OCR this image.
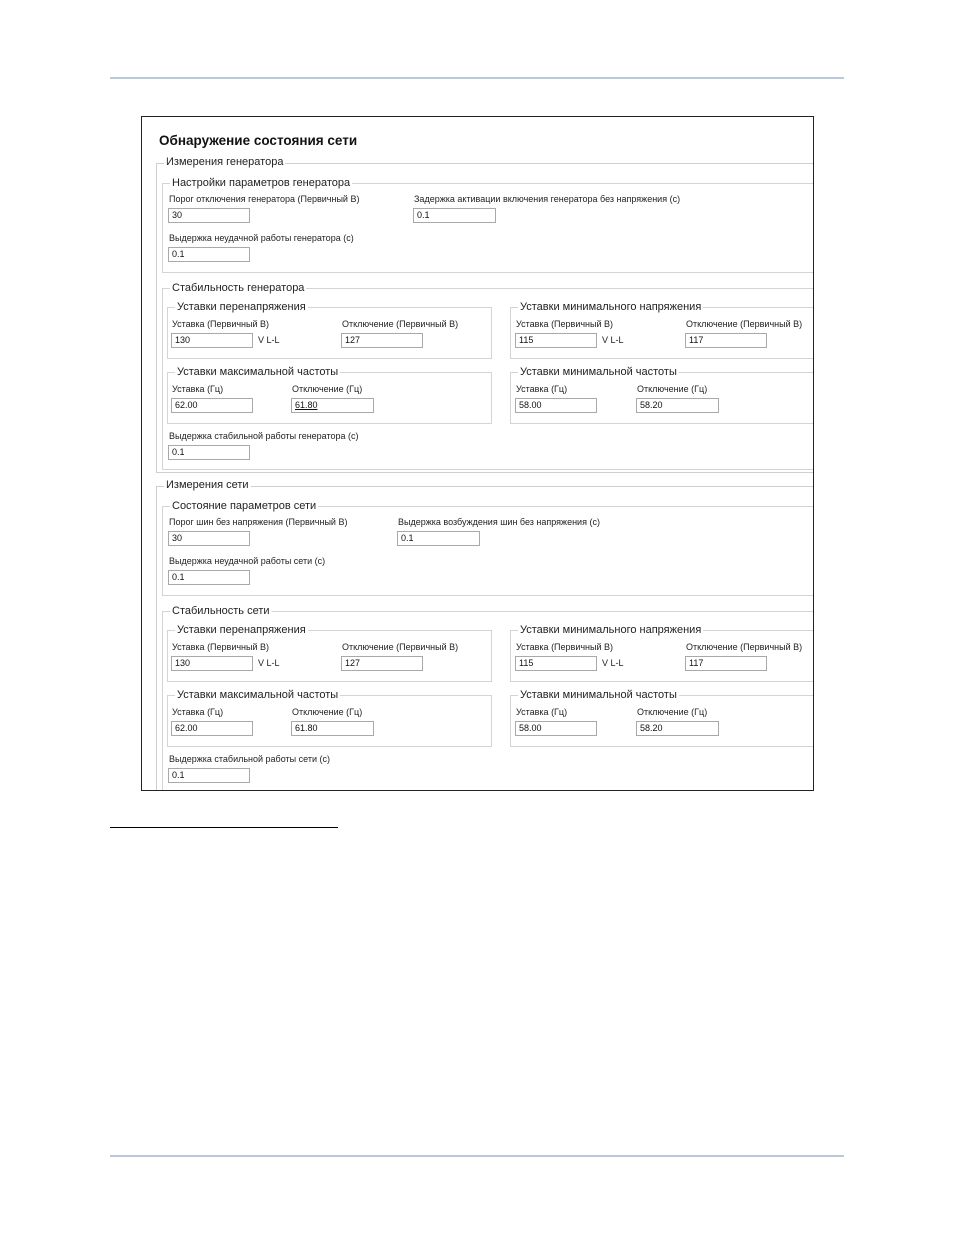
Обнаружение состояния сети
Измерения генератора
Настройки параметров генератора
Порог отключения генератора (Первичный В)
30
Задержка активации включения генератора без напряжения (с)
0.1
Выдержка неудачной работы генератора (с)
0.1
Стабильность генератора
Уставки перенапряжения
Уставка (Первичный В)
130	V L-L
Отключение (Первичный В)
127
Уставки минимального напряжения
Уставка (Первичный В)
115	V L-L
Отключение (Первичный В)
117
Уставки максимальной частоты
Уставка (Гц)
62.00
Отключение (Гц)
61.80
Уставки минимальной частоты
Уставка (Гц)
58.00
Отключение (Гц)
58.20
Выдержка стабильной работы генератора (с)
0.1
Измерения сети
Состояние параметров сети
Порог шин без напряжения (Первичный В)
30
Выдержка возбуждения шин без напряжения (с)
0.1
Выдержка неудачной работы сети (с)
0.1
Стабильность сети
Уставки перенапряжения
Уставка (Первичный В)
130	V L-L
Отключение (Первичный В)
127
Уставки минимального напряжения
Уставка (Первичный В)
115	V L-L
Отключение (Первичный В)
117
Уставки максимальной частоты
Уставка (Гц)
62.00
Отключение (Гц)
61.80
Уставки минимальной частоты
Уставка (Гц)
58.00
Отключение (Гц)
58.20
Выдержка стабильной работы сети (с)
0.1
